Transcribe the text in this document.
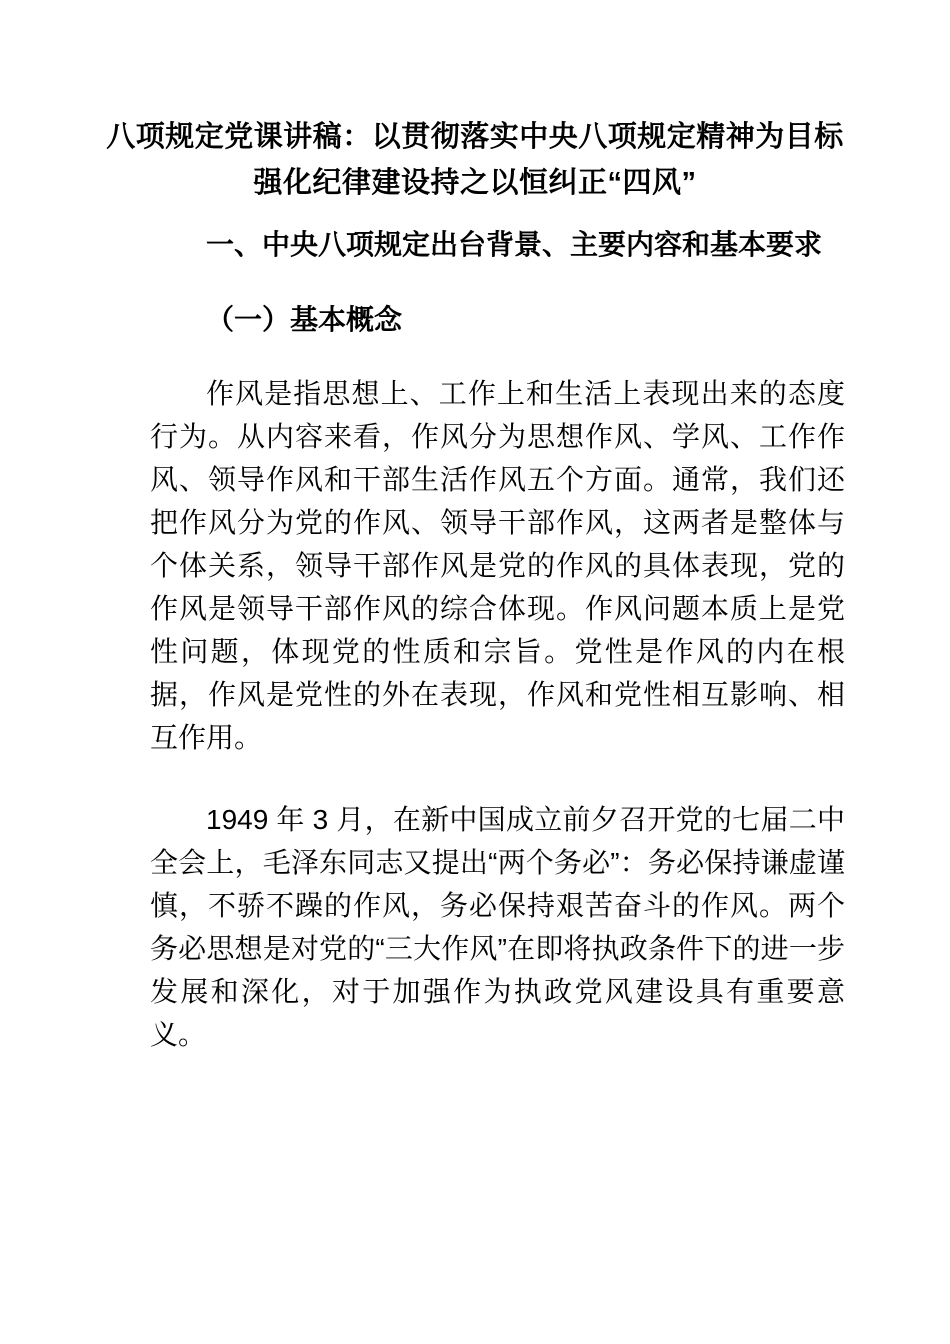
八项规定党课讲稿：以贯彻落实中央八项规定精神为目标
强化纪律建设持之以恒纠正“四风”
一、中央八项规定出台背景、主要内容和基本要求
（一）基本概念

作风是指思想上、工作上和生活上表现出来的态度行为。从内容来看，作风分为思想作风、学风、工作作风、领导作风和干部生活作风五个方面。通常，我们还把作风分为党的作风、领导干部作风，这两者是整体与个体关系，领导干部作风是党的作风的具体表现，党的作风是领导干部作风的综合体现。作风问题本质上是党性问题，体现党的性质和宗旨。党性是作风的内在根据，作风是党性的外在表现，作风和党性相互影响、相互作用。

1949 年 3 月，在新中国成立前夕召开党的七届二中全会上，毛泽东同志又提出“两个务必”：务必保持谦虚谨慎，不骄不躁的作风，务必保持艰苦奋斗的作风。两个务必思想是对党的“三大作风”在即将执政条件下的进一步发展和深化，对于加强作为执政党风建设具有重要意义。
